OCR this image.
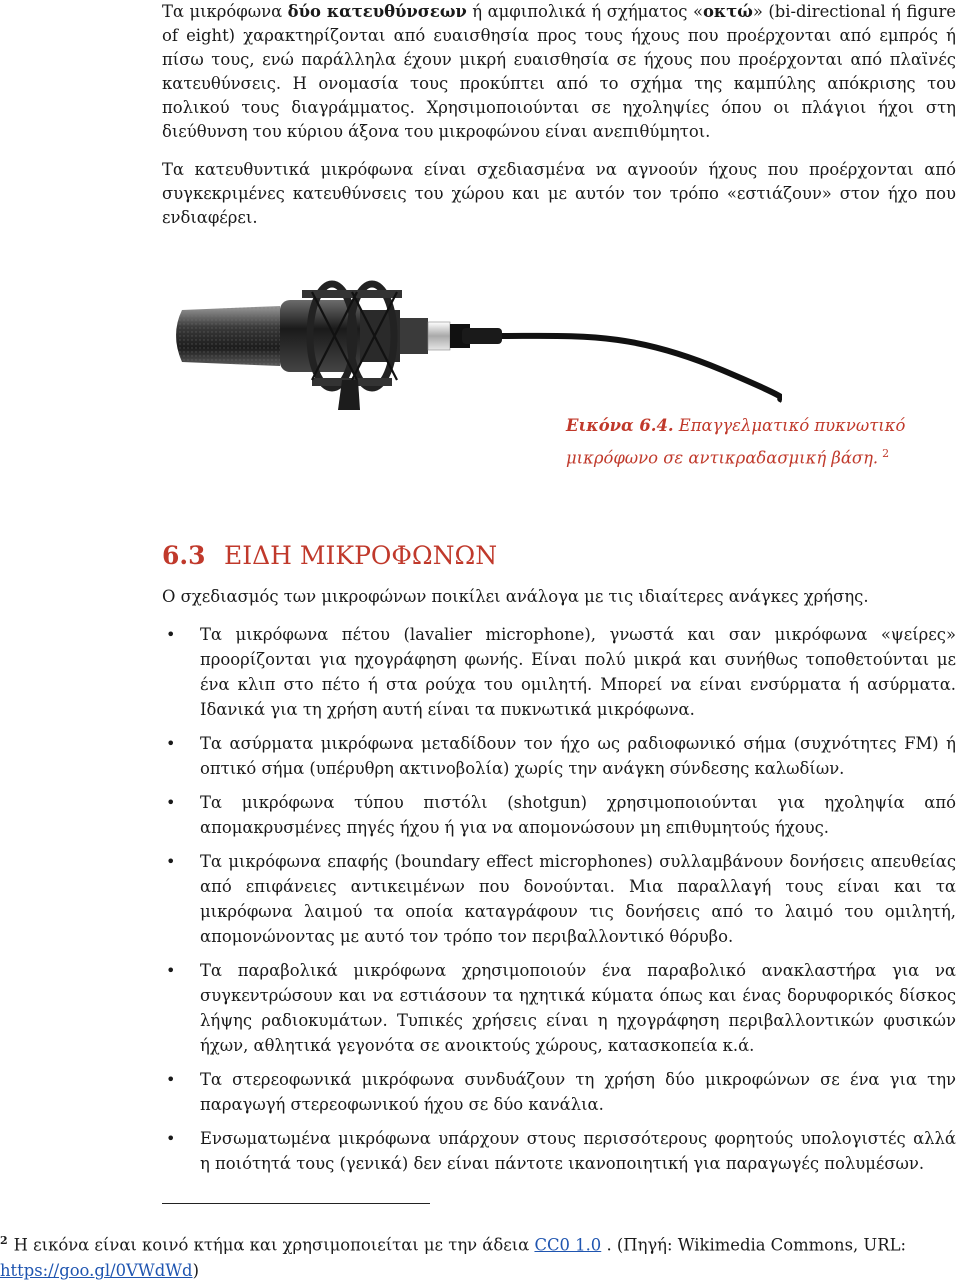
Τα μικρόφωνα δύο κατευθύνσεων ή αμφιπολικά ή σχήματος «οκτώ» (bi-directional ή figure of eight) χαρακτηρίζονται από ευαισθησία προς τους ήχους που προέρχονται από εμπρός ή πίσω τους, ενώ παράλληλα έχουν μικρή ευαισθησία σε ήχους που προέρχονται από πλαϊνές κατευθύνσεις. Η ονομασία τους προκύπτει από το σχήμα της καμπύλης απόκρισης του πολικού τους διαγράμματος. Χρησιμοποιούνται σε ηχοληψίες όπου οι πλάγιοι ήχοι στη διεύθυνση του κύριου άξονα του μικροφώνου είναι ανεπιθύμητοι.

Τα κατευθυντικά μικρόφωνα είναι σχεδιασμένα να αγνοούν ήχους που προέρχονται από συγκεκριμένες κατευθύνσεις του χώρου και με αυτόν τον τρόπο «εστιάζουν» στον ήχο που ενδιαφέρει.

Εικόνα 6.4. Επαγγελματικό πυκνωτικό μικρόφωνο σε αντικραδασμική βάση. $^2$

6.3 ΕΙΔΗ ΜΙΚΡΟΦΩΝΩΝ

Ο σχεδιασμός των μικροφώνων ποικίλει ανάλογα με τις ιδιαίτερες ανάγκες χρήσης.

• Τα μικρόφωνα πέτου (lavalier microphone), γνωστά και σαν μικρόφωνα «ψείρες» προορίζονται για ηχογράφηση φωνής. Είναι πολύ μικρά και συνήθως τοποθετούνται με ένα κλιπ στο πέτο ή στα ρούχα του ομιλητή. Μπορεί να είναι ενσύρματα ή ασύρματα. Ιδανικά για τη χρήση αυτή είναι τα πυκνωτικά μικρόφωνα.
• Τα ασύρματα μικρόφωνα μεταδίδουν τον ήχο ως ραδιοφωνικό σήμα (συχνότητες FM) ή οπτικό σήμα (υπέρυθρη ακτινοβολία) χωρίς την ανάγκη σύνδεσης καλωδίων.
• Τα μικρόφωνα τύπου πιστόλι (shotgun) χρησιμοποιούνται για ηχοληψία από απομακρυσμένες πηγές ήχου ή για να απομονώσουν μη επιθυμητούς ήχους.
• Τα μικρόφωνα επαφής (boundary effect microphones) συλλαμβάνουν δονήσεις απευθείας από επιφάνειες αντικειμένων που δονούνται. Μια παραλλαγή τους είναι και τα μικρόφωνα λαιμού τα οποία καταγράφουν τις δονήσεις από το λαιμό του ομιλητή, απομονώνοντας με αυτό τον τρόπο τον περιβαλλοντικό θόρυβο.
• Τα παραβολικά μικρόφωνα χρησιμοποιούν ένα παραβολικό ανακλαστήρα για να συγκεντρώσουν και να εστιάσουν τα ηχητικά κύματα όπως και ένας δορυφορικός δίσκος λήψης ραδιοκυμάτων. Τυπικές χρήσεις είναι η ηχογράφηση περιβαλλοντικών φυσικών ήχων, αθλητικά γεγονότα σε ανοικτούς χώρους, κατασκοπεία κ.ά.
• Τα στερεοφωνικά μικρόφωνα συνδυάζουν τη χρήση δύο μικροφώνων σε ένα για την παραγωγή στερεοφωνικού ήχου σε δύο κανάλια.
• Ενσωματωμένα μικρόφωνα υπάρχουν στους περισσότερους φορητούς υπολογιστές αλλά η ποιότητά τους (γενικά) δεν είναι πάντοτε ικανοποιητική για παραγωγές πολυμέσων.

$^2$ Η εικόνα είναι κοινό κτήμα και χρησιμοποιείται με την άδεια CC0 1.0 . (Πηγή: Wikimedia Commons, URL: https://goo.gl/0VWdWd)
